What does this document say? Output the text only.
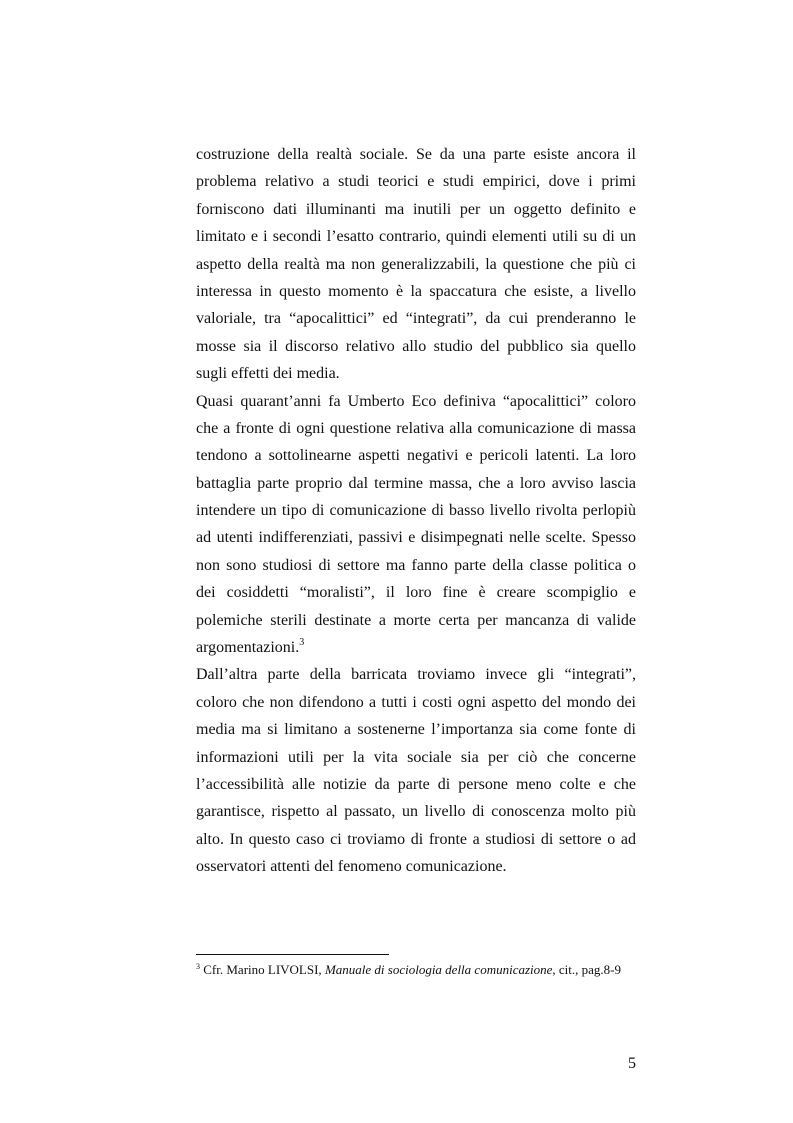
costruzione della realtà sociale. Se da una parte esiste ancora il
problema relativo a studi teorici e studi empirici, dove i primi
forniscono dati illuminanti ma inutili per un oggetto definito e
limitato e i secondi l’esatto contrario, quindi elementi utili su di un
aspetto della realtà ma non generalizzabili, la questione che più ci
interessa in questo momento è la spaccatura che esiste, a livello
valoriale, tra “apocalittici” ed “integrati”, da cui prenderanno le
mosse sia il discorso relativo allo studio del pubblico sia quello
sugli effetti dei media.
Quasi quarant’anni fa Umberto Eco definiva “apocalittici” coloro
che a fronte di ogni questione relativa alla comunicazione di massa
tendono a sottolinearne aspetti negativi e pericoli latenti. La loro
battaglia parte proprio dal termine massa, che a loro avviso lascia
intendere un tipo di comunicazione di basso livello rivolta perlopiù
ad utenti indifferenziati, passivi e disimpegnati nelle scelte. Spesso
non sono studiosi di settore ma fanno parte della classe politica o
dei cosiddetti “moralisti”, il loro fine è creare scompiglio e
polemiche sterili destinate a morte certa per mancanza di valide
argomentazioni.$^3$
Dall’altra parte della barricata troviamo invece gli “integrati”,
coloro che non difendono a tutti i costi ogni aspetto del mondo dei
media ma si limitano a sostenerne l’importanza sia come fonte di
informazioni utili per la vita sociale sia per ciò che concerne
l’accessibilità alle notizie da parte di persone meno colte e che
garantisce, rispetto al passato, un livello di conoscenza molto più
alto. In questo caso ci troviamo di fronte a studiosi di settore o ad
osservatori attenti del fenomeno comunicazione.
$^3$ Cfr. Marino LIVOLSI, Manuale di sociologia della comunicazione, cit., pag.8-9
5
